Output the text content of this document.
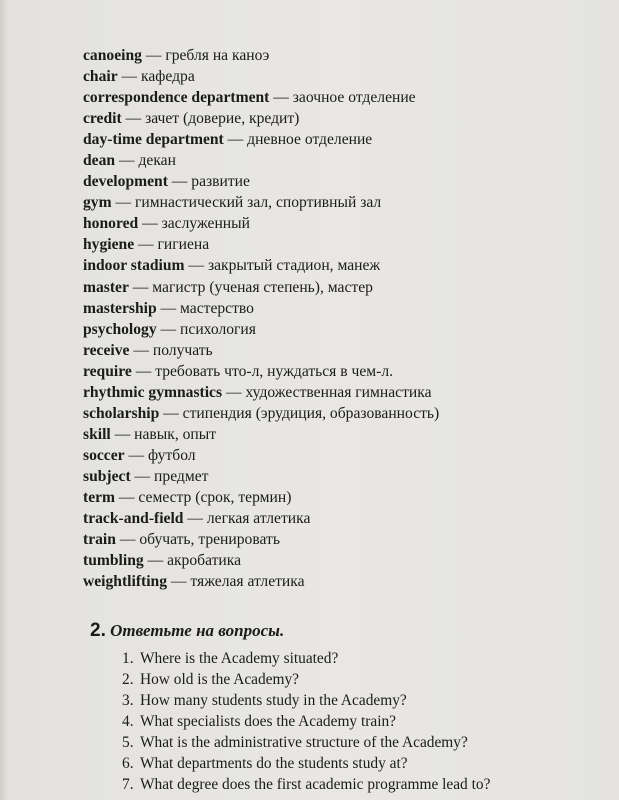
canoeing — гребля на каноэ
chair — кафедра
correspondence department — заочное отделение
credit — зачет (доверие, кредит)
day-time department — дневное отделение
dean — декан
development — развитие
gym — гимнастический зал, спортивный зал
honored — заслуженный
hygiene — гигиена
indoor stadium — закрытый стадион, манеж
master — магистр (ученая степень), мастер
mastership — мастерство
psychology — психология
receive — получать
require — требовать что-л, нуждаться в чем-л.
rhythmic gymnastics — художественная гимнастика
scholarship — стипендия (эрудиция, образованность)
skill — навык, опыт
soccer — футбол
subject — предмет
term — семестр (срок, термин)
track-and-field — легкая атлетика
train — обучать, тренировать
tumbling — акробатика
weightlifting — тяжелая атлетика
2. Ответьте на вопросы.
1. Where is the Academy situated?
2. How old is the Academy?
3. How many students study in the Academy?
4. What specialists does the Academy train?
5. What is the administrative structure of the Academy?
6. What departments do the students study at?
7. What degree does the first academic programme lead to?
